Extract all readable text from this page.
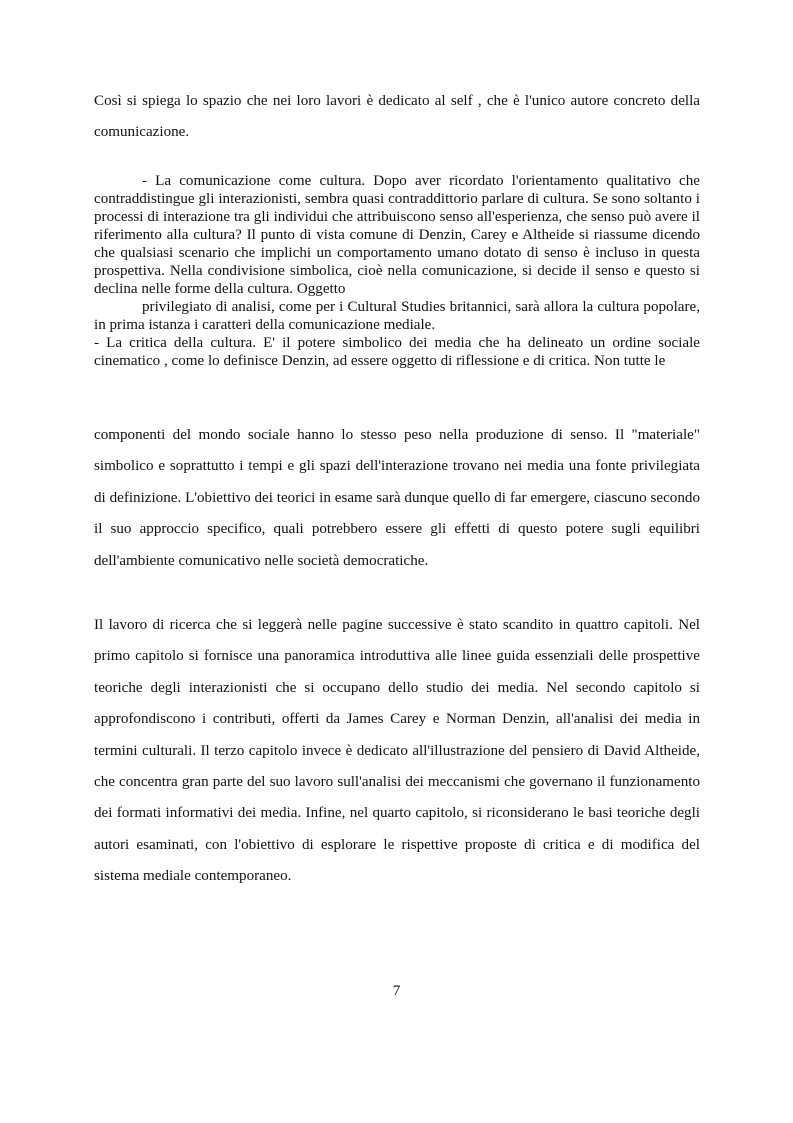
Così si spiega lo spazio che nei loro lavori è dedicato al self , che è l'unico autore concreto della comunicazione.

- La comunicazione come cultura. Dopo aver ricordato l'orientamento qualitativo che contraddistingue gli interazionisti, sembra quasi contraddittorio parlare di cultura. Se sono soltanto i processi di interazione tra gli individui che attribuiscono senso all'esperienza, che senso può avere il riferimento alla cultura? Il punto di vista comune di Denzin, Carey e Altheide si riassume dicendo che qualsiasi scenario che implichi un comportamento umano dotato di senso è incluso in questa prospettiva. Nella condivisione simbolica, cioè nella comunicazione, si decide il senso e questo si declina nelle forme della cultura. Oggetto
privilegiato di analisi, come per i Cultural Studies britannici, sarà allora la cultura popolare, in prima istanza i caratteri della comunicazione mediale.
- La critica della cultura. E' il potere simbolico dei media che ha delineato un ordine sociale cinematico , come lo definisce Denzin, ad essere oggetto di riflessione e di critica. Non tutte le

componenti del mondo sociale hanno lo stesso peso nella produzione di senso. Il "materiale" simbolico e soprattutto i tempi e gli spazi dell'interazione trovano nei media una fonte privilegiata di definizione. L'obiettivo dei teorici in esame sarà dunque quello di far emergere, ciascuno secondo il suo approccio specifico, quali potrebbero essere gli effetti di questo potere sugli equilibri dell'ambiente comunicativo nelle società democratiche.

Il lavoro di ricerca che si leggerà nelle pagine successive è stato scandito in quattro capitoli. Nel primo capitolo si fornisce una panoramica introduttiva alle linee guida essenziali delle prospettive teoriche degli interazionisti che si occupano dello studio dei media. Nel secondo capitolo si approfondiscono i contributi, offerti da James Carey e Norman Denzin, all'analisi dei media in termini culturali. Il terzo capitolo invece è dedicato all'illustrazione del pensiero di David Altheide, che concentra gran parte del suo lavoro sull'analisi dei meccanismi che governano il funzionamento dei formati informativi dei media. Infine, nel quarto capitolo, si riconsiderano le basi teoriche degli autori esaminati, con l'obiettivo di esplorare le rispettive proposte di critica e di modifica del sistema mediale contemporaneo.

7
